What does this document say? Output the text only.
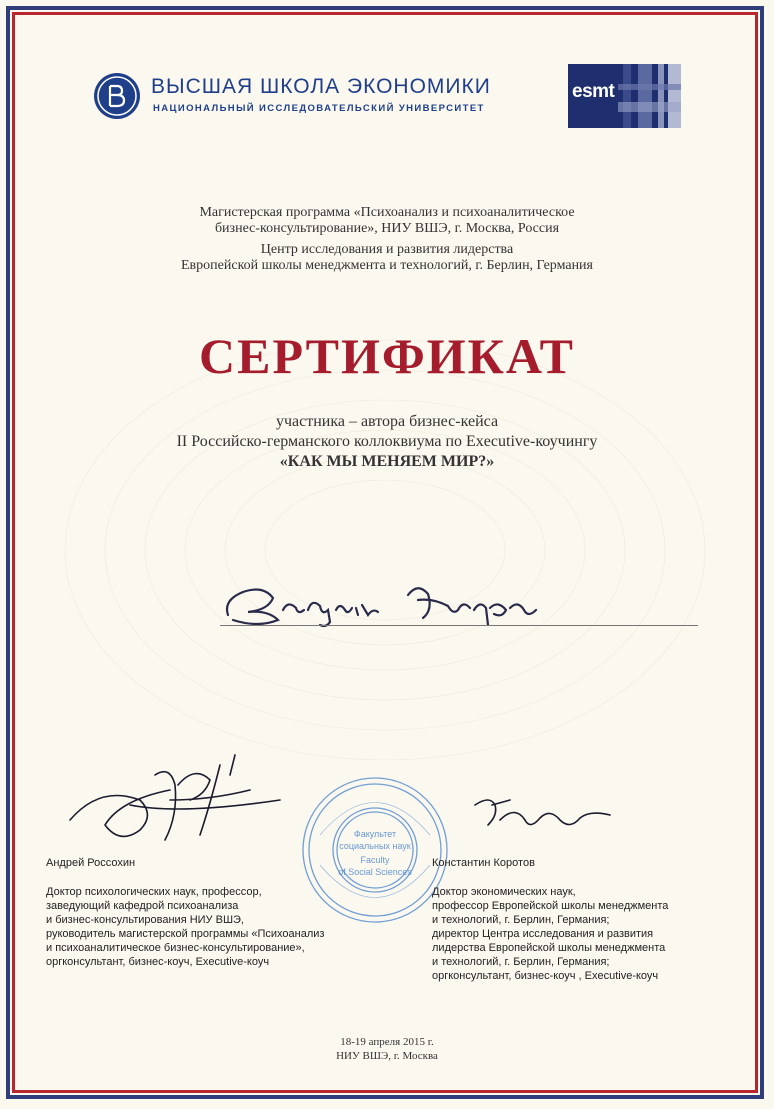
ВЫСШАЯ ШКОЛА ЭКОНОМИКИ
НАЦИОНАЛЬНЫЙ ИССЛЕДОВАТЕЛЬСКИЙ УНИВЕРСИТЕТ
esmt
Магистерская программа «Психоанализ и психоаналитическое
бизнес-консультирование», НИУ ВШЭ, г. Москва, Россия
Центр исследования и развития лидерства
Европейской школы менеджмента и технологий, г. Берлин, Германия
СЕРТИФИКАТ
участника – автора бизнес-кейса
II Российско-германского коллоквиума по Executive-коучингу
«КАК МЫ МЕНЯЕМ МИР?»
Факультет
социальных наук
Faculty
of Social Sciences
Андрей Россохин
Доктор психологических наук, профессор,
заведующий кафедрой психоанализа
и бизнес-консультирования НИУ ВШЭ,
руководитель магистерской программы «Психоанализ
и психоаналитическое бизнес-консультирование»,
оргконсультант, бизнес-коуч, Executive-коуч
Константин Коротов
Доктор экономических наук,
профессор Европейской школы менеджмента
и технологий, г. Берлин, Германия;
директор Центра исследования и развития
лидерства Европейской школы менеджмента
и технологий, г. Берлин, Германия;
оргконсультант, бизнес-коуч , Executive-коуч
18-19 апреля 2015 г.
НИУ ВШЭ, г. Москва
